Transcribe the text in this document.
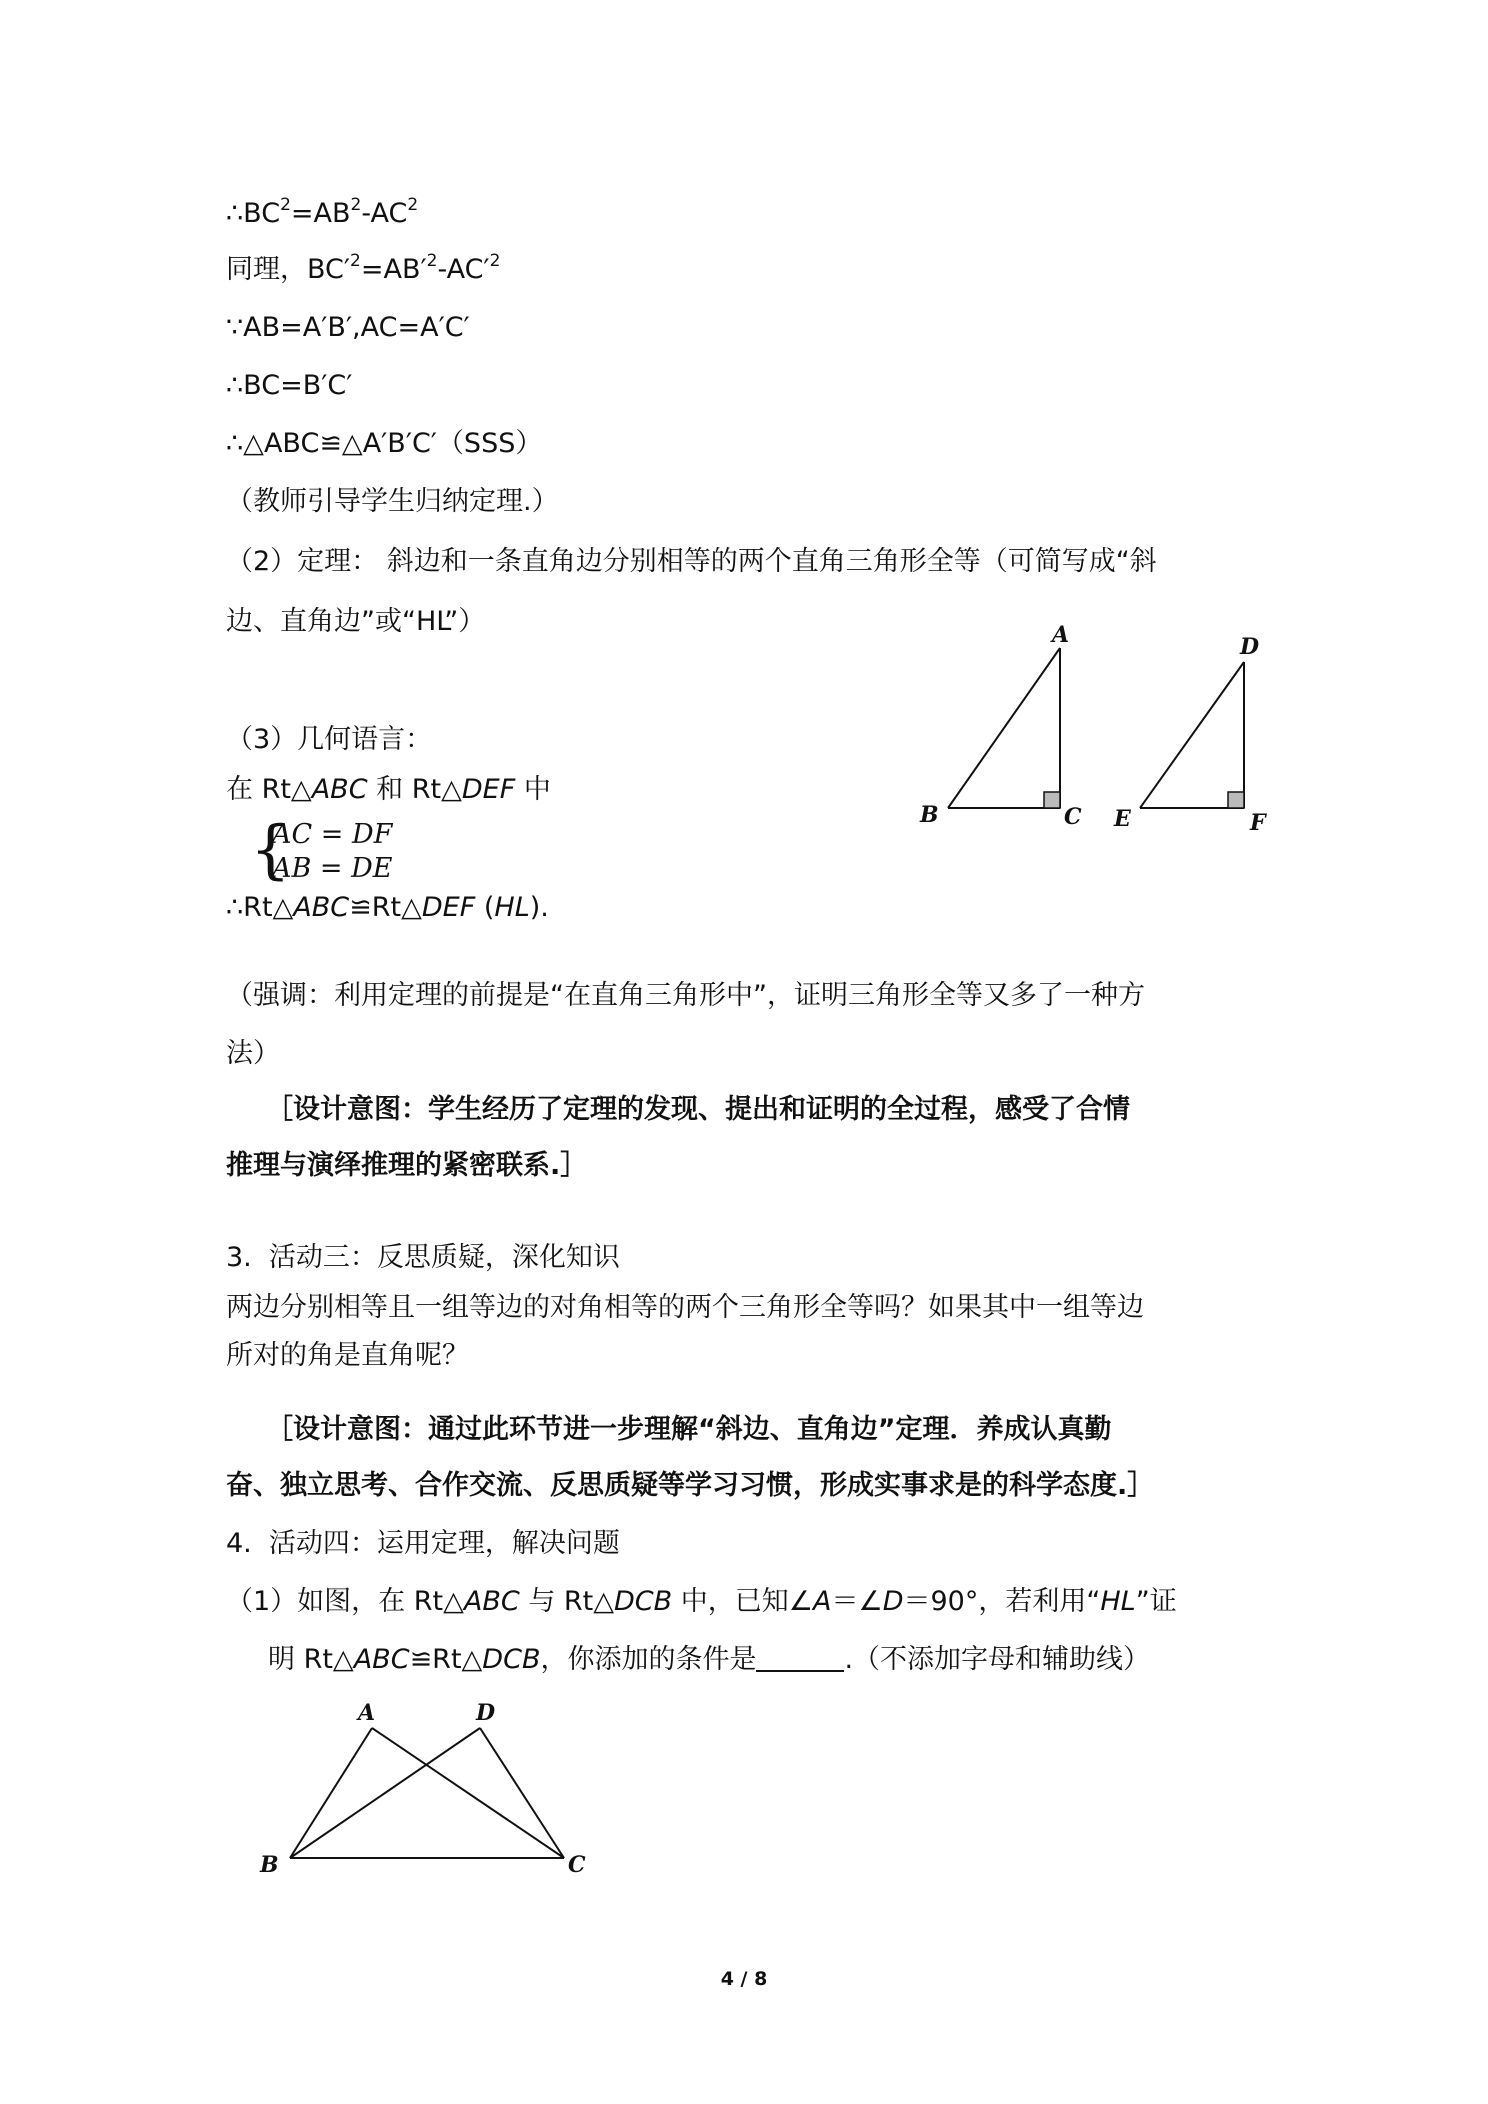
$\therefore BC^2=AB^2-AC^2$
同理，$BC'^2=AB'^2-AC'^2$
∵AB=A′B′,AC=A′C′
∴BC=B′C′
∴△ABC≌△A′B′C′（SSS）
（教师引导学生归纳定理.）
（2）定理： 斜边和一条直角边分别相等的两个直角三角形全等（可简写成“斜
边、直角边”或“HL”）
（3）几何语言：
在 Rt△ABC 和 Rt△DEF 中
{
AC = DF
AB = DE
∴Rt△ABC≌Rt△DEF (HL).
（强调：利用定理的前提是“在直角三角形中”，证明三角形全等又多了一种方
法）
［设计意图：学生经历了定理的发现、提出和证明的全过程，感受了合情
推理与演绎推理的紧密联系.］
3.  活动三：反思质疑，深化知识
两边分别相等且一组等边的对角相等的两个三角形全等吗？如果其中一组等边
所对的角是直角呢？
［设计意图：通过此环节进一步理解“斜边、直角边”定理．养成认真勤
奋、独立思考、合作交流、反思质疑等学习习惯，形成实事求是的科学态度.］
4.  活动四：运用定理，解决问题
（1）如图，在 Rt△ABC 与 Rt△DCB 中，已知∠A＝∠D＝90°，若利用“HL”证
明 Rt△ABC≌Rt△DCB，你添加的条件是	.（不添加字母和辅助线）
A
B	C
D
E	F
A	D
B	C
4 / 8
